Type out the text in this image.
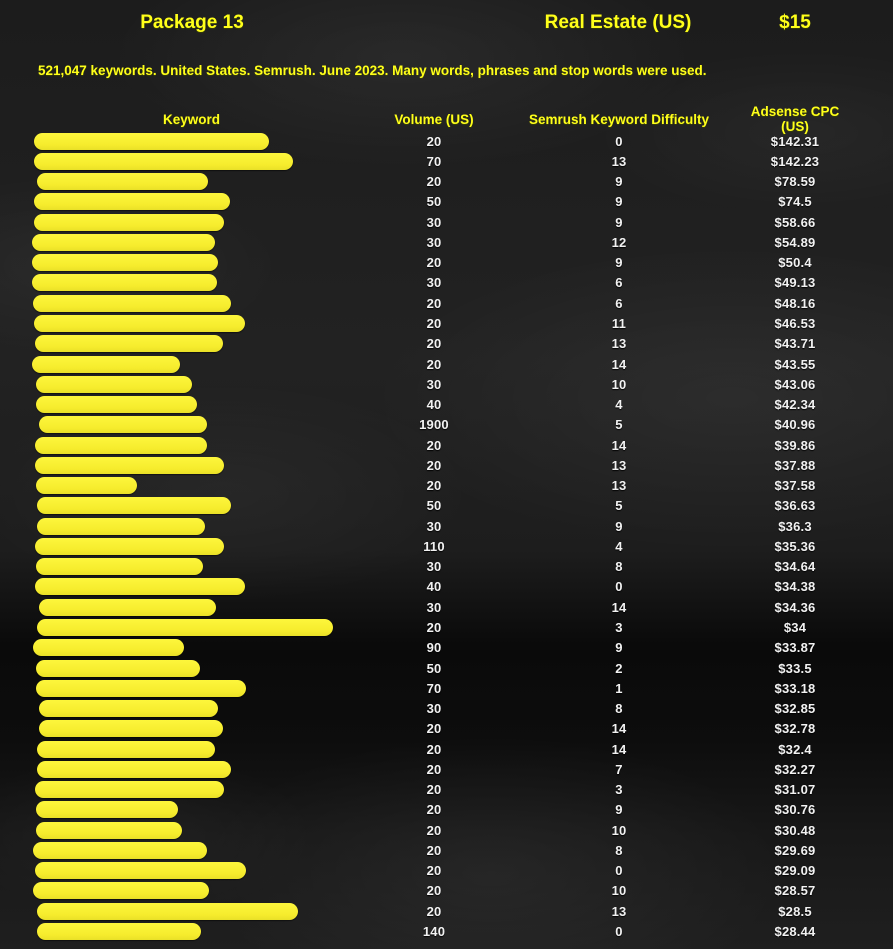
Package 13	Real Estate (US)	$15
521,047 keywords. United States. Semrush. June 2023. Many words, phrases and stop words were used.
Keyword	Volume (US)	Semrush Keyword Difficulty	Adsense CPC (US)
20	0	$142.31
70	13	$142.23
20	9	$78.59
50	9	$74.5
30	9	$58.66
30	12	$54.89
20	9	$50.4
30	6	$49.13
20	6	$48.16
20	11	$46.53
20	13	$43.71
20	14	$43.55
30	10	$43.06
40	4	$42.34
1900	5	$40.96
20	14	$39.86
20	13	$37.88
20	13	$37.58
50	5	$36.63
30	9	$36.3
110	4	$35.36
30	8	$34.64
40	0	$34.38
30	14	$34.36
20	3	$34
90	9	$33.87
50	2	$33.5
70	1	$33.18
30	8	$32.85
20	14	$32.78
20	14	$32.4
20	7	$32.27
20	3	$31.07
20	9	$30.76
20	10	$30.48
20	8	$29.69
20	0	$29.09
20	10	$28.57
20	13	$28.5
140	0	$28.44
